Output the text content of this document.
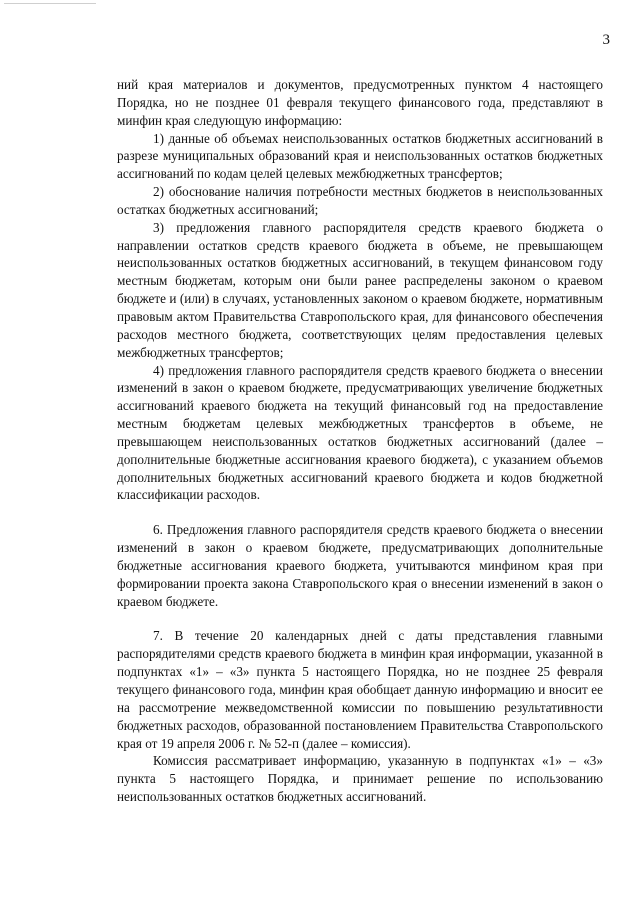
3

ний края материалов и документов, предусмотренных пунктом 4 настоящего Порядка, но не позднее 01 февраля текущего финансового года, представляют в минфин края следующую информацию:

1) данные об объемах неиспользованных остатков бюджетных ассигнований в разрезе муниципальных образований края и неиспользованных остатков бюджетных ассигнований по кодам целей целевых межбюджетных трансфертов;

2) обоснование наличия потребности местных бюджетов в неиспользованных остатках бюджетных ассигнований;

3) предложения главного распорядителя средств краевого бюджета о направлении остатков средств краевого бюджета в объеме, не превышающем неиспользованных остатков бюджетных ассигнований, в текущем финансовом году местным бюджетам, которым они были ранее распределены законом о краевом бюджете и (или) в случаях, установленных законом о краевом бюджете, нормативным правовым актом Правительства Ставропольского края, для финансового обеспечения расходов местного бюджета, соответствующих целям предоставления целевых межбюджетных трансфертов;

4) предложения главного распорядителя средств краевого бюджета о внесении изменений в закон о краевом бюджете, предусматривающих увеличение бюджетных ассигнований краевого бюджета на текущий финансовый год на предоставление местным бюджетам целевых межбюджетных трансфертов в объеме, не превышающем неиспользованных остатков бюджетных ассигнований (далее – дополнительные бюджетные ассигнования краевого бюджета), с указанием объемов дополнительных бюджетных ассигнований краевого бюджета и кодов бюджетной классификации расходов.

6. Предложения главного распорядителя средств краевого бюджета о внесении изменений в закон о краевом бюджете, предусматривающих дополнительные бюджетные ассигнования краевого бюджета, учитываются минфином края при формировании проекта закона Ставропольского края о внесении изменений в закон о краевом бюджете.

7. В течение 20 календарных дней с даты представления главными распорядителями средств краевого бюджета в минфин края информации, указанной в подпунктах «1» – «3» пункта 5 настоящего Порядка, но не позднее 25 февраля текущего финансового года, минфин края обобщает данную информацию и вносит ее на рассмотрение межведомственной комиссии по повышению результативности бюджетных расходов, образованной постановлением Правительства Ставропольского края от 19 апреля 2006 г. № 52-п (далее – комиссия).

Комиссия рассматривает информацию, указанную в подпунктах «1» – «3» пункта 5 настоящего Порядка, и принимает решение по использованию неиспользованных остатков бюджетных ассигнований.
